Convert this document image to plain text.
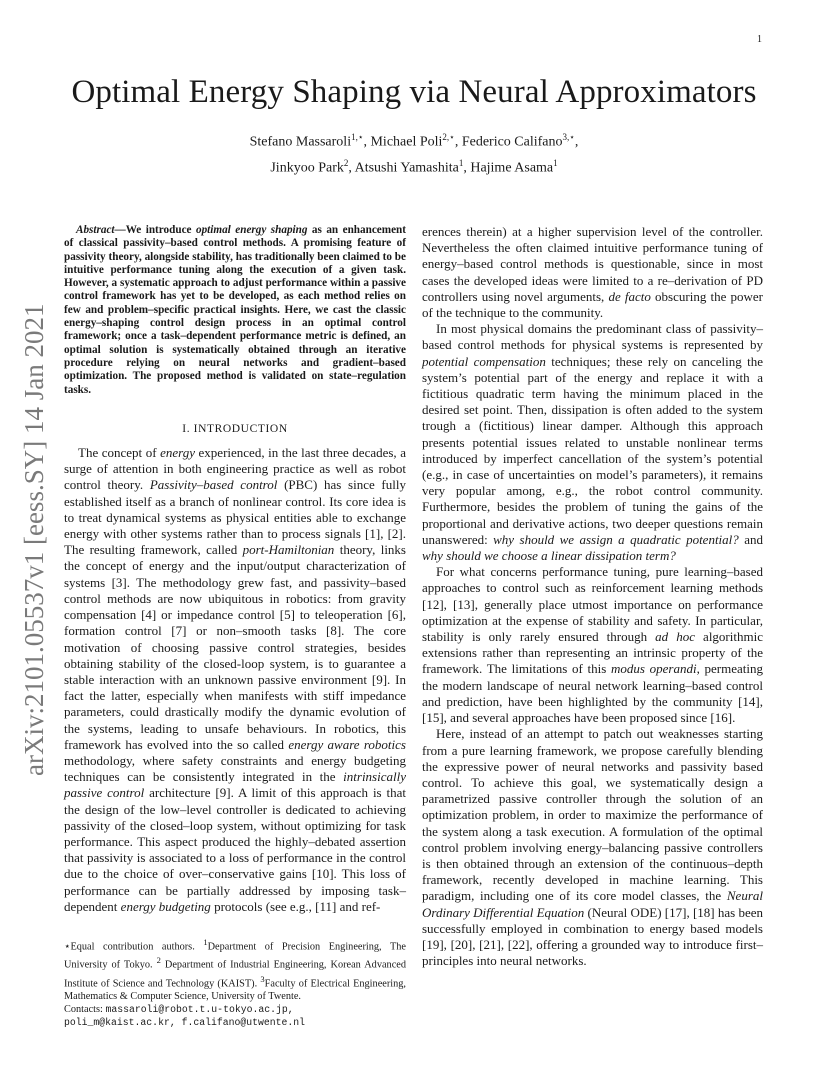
1
Optimal Energy Shaping via Neural Approximators
Stefano Massaroli$^{1,⋆}$, Michael Poli$^{2,⋆}$, Federico Califano$^{3,⋆}$,
Jinkyoo Park$^2$, Atsushi Yamashita$^1$, Hajime Asama$^1$
arXiv:2101.05537v1 [eess.SY] 14 Jan 2021

Abstract—We introduce optimal energy shaping as an enhancement of classical passivity–based control methods. A promising feature of passivity theory, alongside stability, has traditionally been claimed to be intuitive performance tuning along the execution of a given task. However, a systematic approach to adjust performance within a passive control framework has yet to be developed, as each method relies on few and problem–specific practical insights. Here, we cast the classic energy–shaping control design process in an optimal control framework; once a task–dependent performance metric is defined, an optimal solution is systematically obtained through an iterative procedure relying on neural networks and gradient–based optimization. The proposed method is validated on state–regulation tasks.

I. INTRODUCTION

The concept of energy experienced, in the last three decades, a surge of attention in both engineering practice as well as robot control theory. Passivity–based control (PBC) has since fully established itself as a branch of nonlinear control. Its core idea is to treat dynamical systems as physical entities able to exchange energy with other systems rather than to process signals [1], [2]. The resulting framework, called port-Hamiltonian theory, links the concept of energy and the input/output characterization of systems [3]. The methodology grew fast, and passivity–based control methods are now ubiquitous in robotics: from gravity compensation [4] or impedance control [5] to teleoperation [6], formation control [7] or non–smooth tasks [8]. The core motivation of choosing passive control strategies, besides obtaining stability of the closed-loop system, is to guarantee a stable interaction with an unknown passive environment [9]. In fact the latter, especially when manifests with stiff impedance parameters, could drastically modify the dynamic evolution of the systems, leading to unsafe behaviours. In robotics, this framework has evolved into the so called energy aware robotics methodology, where safety constraints and energy budgeting techniques can be consistently integrated in the intrinsically passive control architecture [9]. A limit of this approach is that the design of the low–level controller is dedicated to achieving passivity of the closed–loop system, without optimizing for task performance. This aspect produced the highly–debated assertion that passivity is associated to a loss of performance in the control due to the choice of over–conservative gains [10]. This loss of performance can be partially addressed by imposing task–dependent energy budgeting protocols (see e.g., [11] and ref-

erences therein) at a higher supervision level of the controller. Nevertheless the often claimed intuitive performance tuning of energy–based control methods is questionable, since in most cases the developed ideas were limited to a re–derivation of PD controllers using novel arguments, de facto obscuring the power of the technique to the community.

In most physical domains the predominant class of passivity–based control methods for physical systems is represented by potential compensation techniques; these rely on canceling the system’s potential part of the energy and replace it with a fictitious quadratic term having the minimum placed in the desired set point. Then, dissipation is often added to the system trough a (fictitious) linear damper. Although this approach presents potential issues related to unstable nonlinear terms introduced by imperfect cancellation of the system’s potential (e.g., in case of uncertainties on model’s parameters), it remains very popular among, e.g., the robot control community. Furthermore, besides the problem of tuning the gains of the proportional and derivative actions, two deeper questions remain unanswered: why should we assign a quadratic potential? and why should we choose a linear dissipation term?

For what concerns performance tuning, pure learning–based approaches to control such as reinforcement learning methods [12], [13], generally place utmost importance on performance optimization at the expense of stability and safety. In particular, stability is only rarely ensured through ad hoc algorithmic extensions rather than representing an intrinsic property of the framework. The limitations of this modus operandi, permeating the modern landscape of neural network learning–based control and prediction, have been highlighted by the community [14], [15], and several approaches have been proposed since [16].

Here, instead of an attempt to patch out weaknesses starting from a pure learning framework, we propose carefully blending the expressive power of neural networks and passivity based control. To achieve this goal, we systematically design a parametrized passive controller through the solution of an optimization problem, in order to maximize the performance of the system along a task execution. A formulation of the optimal control problem involving energy–balancing passive controllers is then obtained through an extension of the continuous–depth framework, recently developed in machine learning. This paradigm, including one of its core model classes, the Neural Ordinary Differential Equation (Neural ODE) [17], [18] has been successfully employed in combination to energy based models [19], [20], [21], [22], offering a grounded way to introduce first–principles into neural networks.

⋆Equal contribution authors. $^1$Department of Precision Engineering, The University of Tokyo. $^2$ Department of Industrial Engineering, Korean Advanced Institute of Science and Technology (KAIST). $^3$Faculty of Electrical Engineering, Mathematics & Computer Science, University of Twente.
Contacts: massaroli@robot.t.u-tokyo.ac.jp,
poli_m@kaist.ac.kr, f.califano@utwente.nl
